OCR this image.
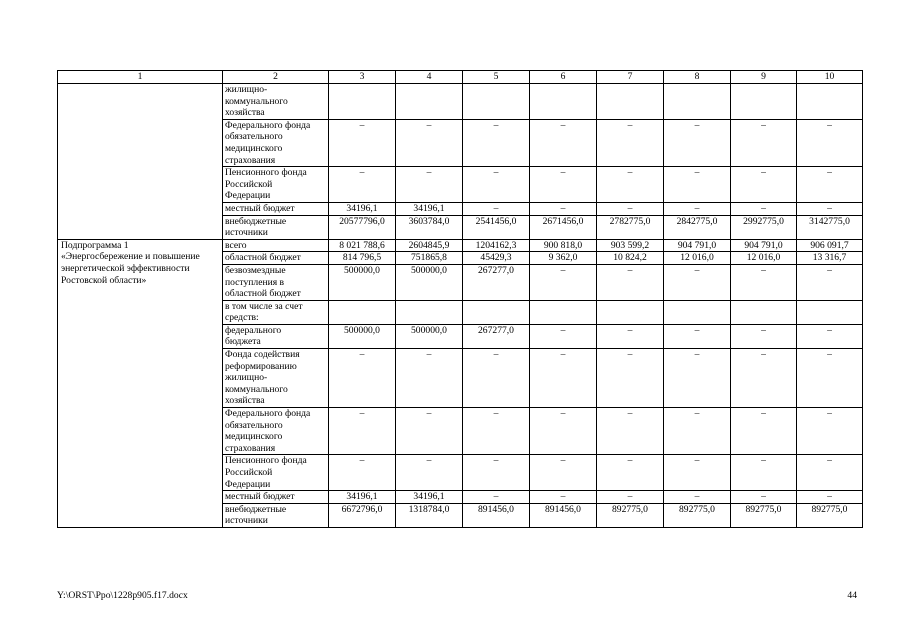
1	2	3	4	5	6	7	8	9	10

	жилищно-
коммунального
хозяйства								

	Федерального фонда
обязательного
медицинского
страхования	–	–	–	–	–	–	–	–

	Пенсионного фонда
Российской
Федерации	–	–	–	–	–	–	–	–

	местный бюджет	34196,1	34196,1	–	–	–	–	–	–

	внебюджетные
источники	20577796,0	3603784,0	2541456,0	2671456,0	2782775,0	2842775,0	2992775,0	3142775,0

Подпрограмма 1
«Энергосбережение и повышение
энергетической эффективности
Ростовской области»	всего	8 021 788,6	2604845,9	1204162,3	900 818,0	903 599,2	904 791,0	904 791,0	906 091,7

	областной бюджет	814 796,5	751865,8	45429,3	9 362,0	10 824,2	12 016,0	12 016,0	13 316,7

	безвозмездные
поступления в
областной бюджет	500000,0	500000,0	267277,0	–	–	–	–	–

	в том числе за счет
средств:								

	федерального
бюджета	500000,0	500000,0	267277,0	–	–	–	–	–

	Фонда содействия
реформированию
жилищно-
коммунального
хозяйства	–	–	–	–	–	–	–	–

	Федерального фонда
обязательного
медицинского
страхования	–	–	–	–	–	–	–	–

	Пенсионного фонда
Российской
Федерации	–	–	–	–	–	–	–	–

	местный бюджет	34196,1	34196,1	–	–	–	–	–	–

	внебюджетные
источники	6672796,0	1318784,0	891456,0	891456,0	892775,0	892775,0	892775,0	892775,0
Y:\ORST\Ppo\1228p905.f17.docx	44
